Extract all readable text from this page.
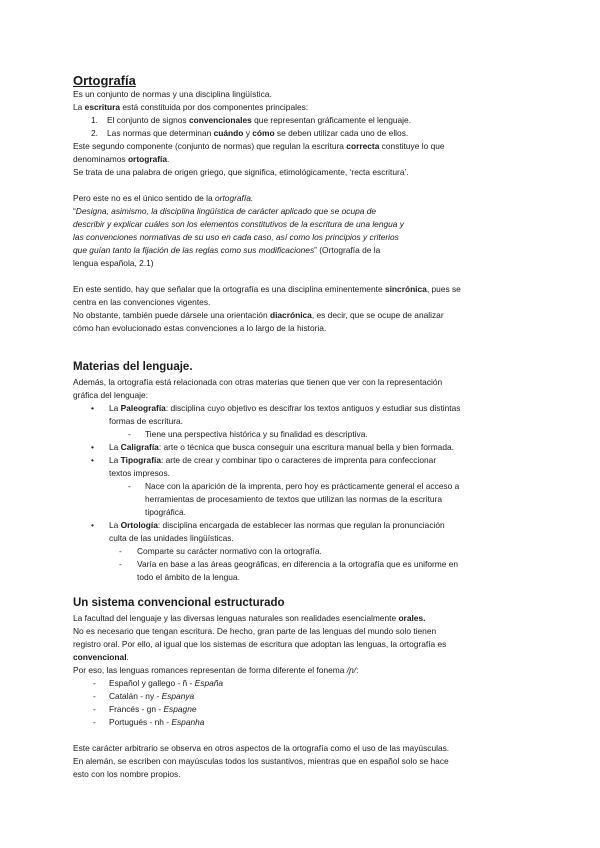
Ortografía
Es un conjunto de normas y una disciplina lingüística.
La escritura está constituida por dos componentes principales:
1. El conjunto de signos convencionales que representan gráficamente el lenguaje.
2. Las normas que determinan cuándo y cómo se deben utilizar cada uno de ellos.
Este segundo componente (conjunto de normas) que regulan la escritura correcta constituye lo que
denominamos ortografía.
Se trata de una palabra de origen griego, que significa, etimológicamente, ‘recta escritura’.
Pero este no es el único sentido de la ortografía.
“Designa, asimismo, la disciplina lingüística de carácter aplicado que se ocupa de
describir y explicar cuáles son los elementos constitutivos de la escritura de una lengua y
las convenciones normativas de su uso en cada caso, así como los principios y criterios
que guían tanto la fijación de las reglas como sus modificaciones” (Ortografía de la
lengua española, 2.1)
En este sentido, hay que señalar que la ortografía es una disciplina eminentemente sincrónica, pues se
centra en las convenciones vigentes.
No obstante, también puede dársele una orientación diacrónica, es decir, que se ocupe de analizar
cómo han evolucionado estas convenciones a lo largo de la historia.
Materias del lenguaje.
Además, la ortografía está relacionada con otras materias que tienen que ver con la representación
gráfica del lenguaje:
• La Paleografía: disciplina cuyo objetivo es descifrar los textos antiguos y estudiar sus distintas
formas de escritura.
- Tiene una perspectiva histórica y su finalidad es descriptiva.
• La Caligrafía: arte o técnica que busca conseguir una escritura manual bella y bien formada.
• La Tipografía: arte de crear y combinar tipo o caracteres de imprenta para confeccionar
textos impresos.
- Nace con la aparición de la imprenta, pero hoy es prácticamente general el acceso a
herramientas de procesamiento de textos que utilizan las normas de la escritura
tipográfica.
• La Ortología: disciplina encargada de establecer las normas que regulan la pronunciación
culta de las unidades lingüísticas.
- Comparte su carácter normativo con la ortografía.
- Varía en base a las áreas geográficas, en diferencia a la ortografía que es uniforme en
todo el ámbito de la lengua.
Un sistema convencional estructurado
La facultad del lenguaje y las diversas lenguas naturales son realidades esencialmente orales.
No es necesario que tengan escritura. De hecho, gran parte de las lenguas del mundo solo tienen
registro oral. Por ello, al igual que los sistemas de escritura que adoptan las lenguas, la ortografía es
convencional.
Por eso, las lenguas romances representan de forma diferente el fonema /ɲ/:
- Español y gallego - ñ - España
- Catalán - ny - Espanya
- Francés - gn - Espagne
- Portugués - nh - Espanha
Este carácter arbitrario se observa en otros aspectos de la ortografía como el uso de las mayúsculas.
En alemán, se escriben con mayúsculas todos los sustantivos, mientras que en español solo se hace
esto con los nombre propios.
